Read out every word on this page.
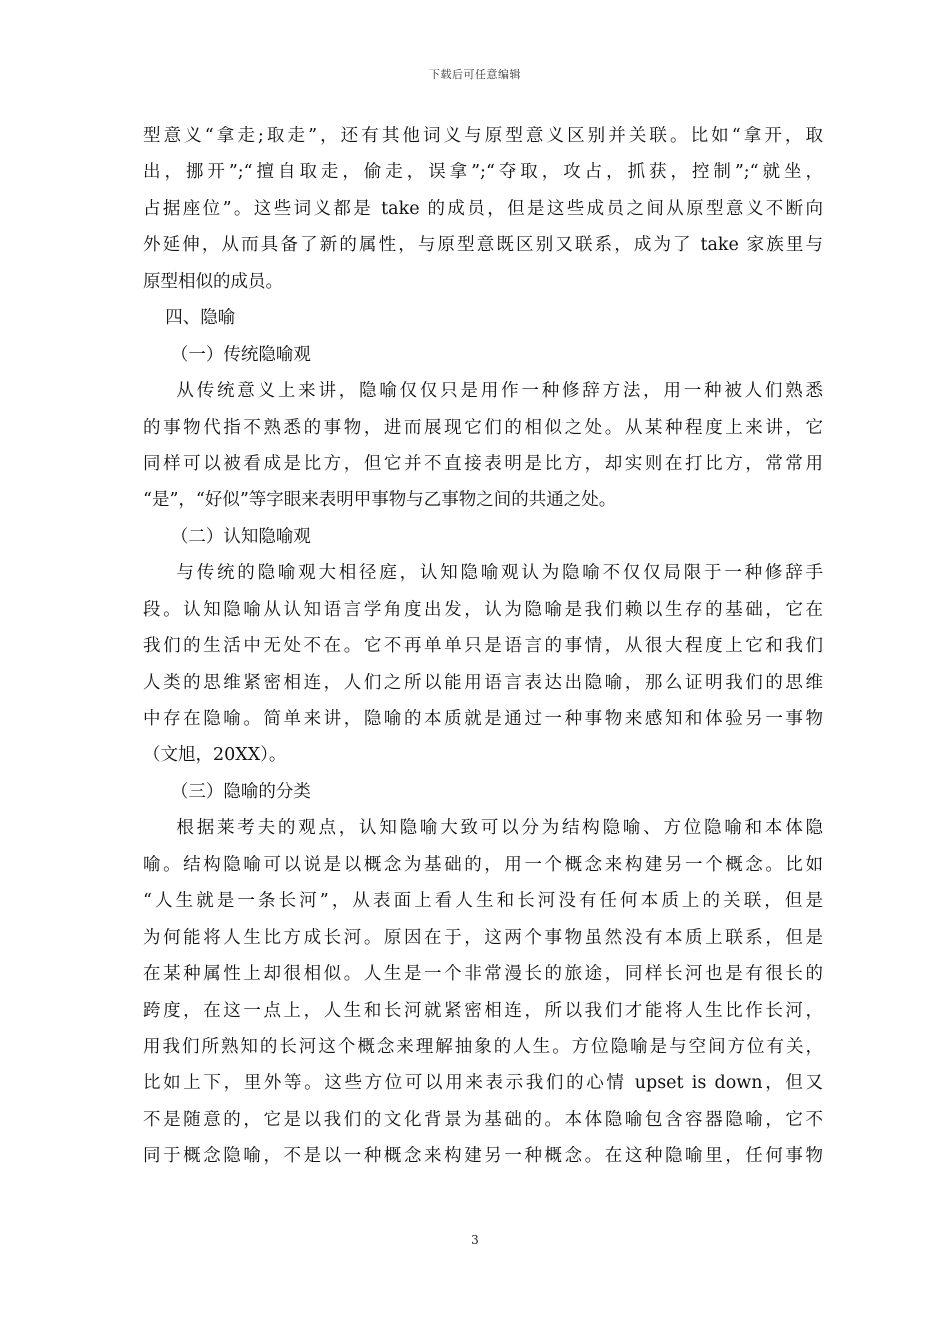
下载后可任意编辑
型意义“拿走;取走”，还有其他词义与原型意义区别并关联。比如“拿开，取
出，挪开”;“擅自取走，偷走，误拿”;“夺取，攻占，抓获，控制”;“就坐，
占据座位”。这些词义都是 take 的成员，但是这些成员之间从原型意义不断向
外延伸，从而具备了新的属性，与原型意既区别又联系，成为了 take 家族里与
原型相似的成员。
四、隐喻
（一）传统隐喻观
从传统意义上来讲，隐喻仅仅只是用作一种修辞方法，用一种被人们熟悉
的事物代指不熟悉的事物，进而展现它们的相似之处。从某种程度上来讲，它
同样可以被看成是比方，但它并不直接表明是比方，却实则在打比方，常常用
“是”，“好似”等字眼来表明甲事物与乙事物之间的共通之处。
（二）认知隐喻观
与传统的隐喻观大相径庭，认知隐喻观认为隐喻不仅仅局限于一种修辞手
段。认知隐喻从认知语言学角度出发，认为隐喻是我们赖以生存的基础，它在
我们的生活中无处不在。它不再单单只是语言的事情，从很大程度上它和我们
人类的思维紧密相连，人们之所以能用语言表达出隐喻，那么证明我们的思维
中存在隐喻。简单来讲，隐喻的本质就是通过一种事物来感知和体验另一事物
（文旭，20XX）。
（三）隐喻的分类
根据莱考夫的观点，认知隐喻大致可以分为结构隐喻、方位隐喻和本体隐
喻。结构隐喻可以说是以概念为基础的，用一个概念来构建另一个概念。比如
“人生就是一条长河”，从表面上看人生和长河没有任何本质上的关联，但是
为何能将人生比方成长河。原因在于，这两个事物虽然没有本质上联系，但是
在某种属性上却很相似。人生是一个非常漫长的旅途，同样长河也是有很长的
跨度，在这一点上，人生和长河就紧密相连，所以我们才能将人生比作长河，
用我们所熟知的长河这个概念来理解抽象的人生。方位隐喻是与空间方位有关，
比如上下，里外等。这些方位可以用来表示我们的心情 upset is down，但又
不是随意的，它是以我们的文化背景为基础的。本体隐喻包含容器隐喻，它不
同于概念隐喻，不是以一种概念来构建另一种概念。在这种隐喻里，任何事物
3
